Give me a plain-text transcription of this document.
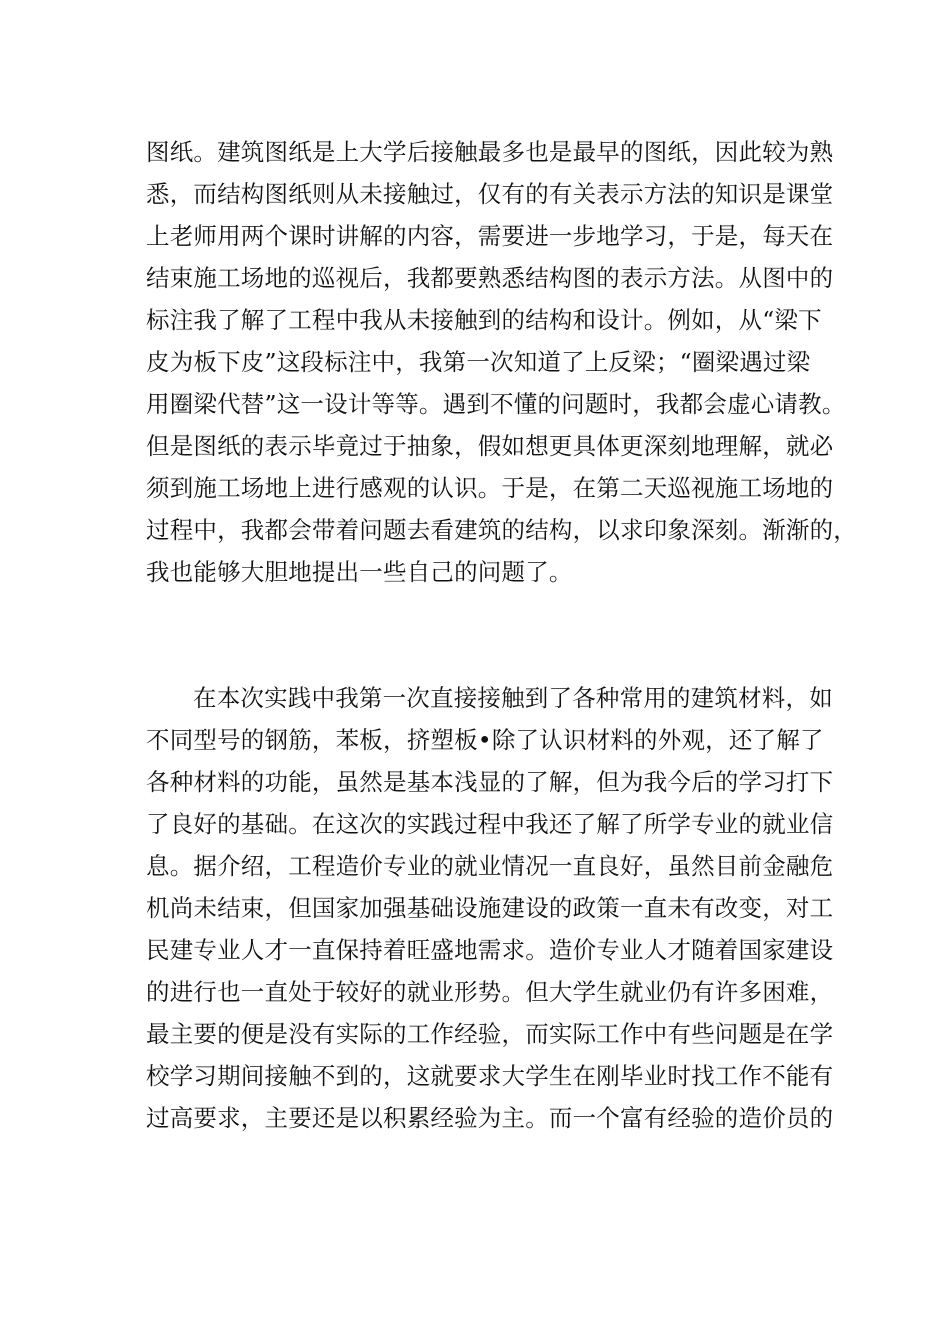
图纸。建筑图纸是上大学后接触最多也是最早的图纸，因此较为熟
悉，而结构图纸则从未接触过，仅有的有关表示方法的知识是课堂
上老师用两个课时讲解的内容，需要进一步地学习，于是，每天在
结束施工场地的巡视后，我都要熟悉结构图的表示方法。从图中的
标注我了解了工程中我从未接触到的结构和设计。例如，从“梁下
皮为板下皮”这段标注中，我第一次知道了上反梁；“圈梁遇过梁
用圈梁代替”这一设计等等。遇到不懂的问题时，我都会虚心请教。
但是图纸的表示毕竟过于抽象，假如想更具体更深刻地理解，就必
须到施工场地上进行感观的认识。于是，在第二天巡视施工场地的
过程中，我都会带着问题去看建筑的结构，以求印象深刻。渐渐的，
我也能够大胆地提出一些自己的问题了。
在本次实践中我第一次直接接触到了各种常用的建筑材料，如
不同型号的钢筋，苯板，挤塑板•除了认识材料的外观，还了解了
各种材料的功能，虽然是基本浅显的了解，但为我今后的学习打下
了良好的基础。在这次的实践过程中我还了解了所学专业的就业信
息。据介绍，工程造价专业的就业情况一直良好，虽然目前金融危
机尚未结束，但国家加强基础设施建设的政策一直未有改变，对工
民建专业人才一直保持着旺盛地需求。造价专业人才随着国家建设
的进行也一直处于较好的就业形势。但大学生就业仍有许多困难，
最主要的便是没有实际的工作经验，而实际工作中有些问题是在学
校学习期间接触不到的，这就要求大学生在刚毕业时找工作不能有
过高要求，主要还是以积累经验为主。而一个富有经验的造价员的
